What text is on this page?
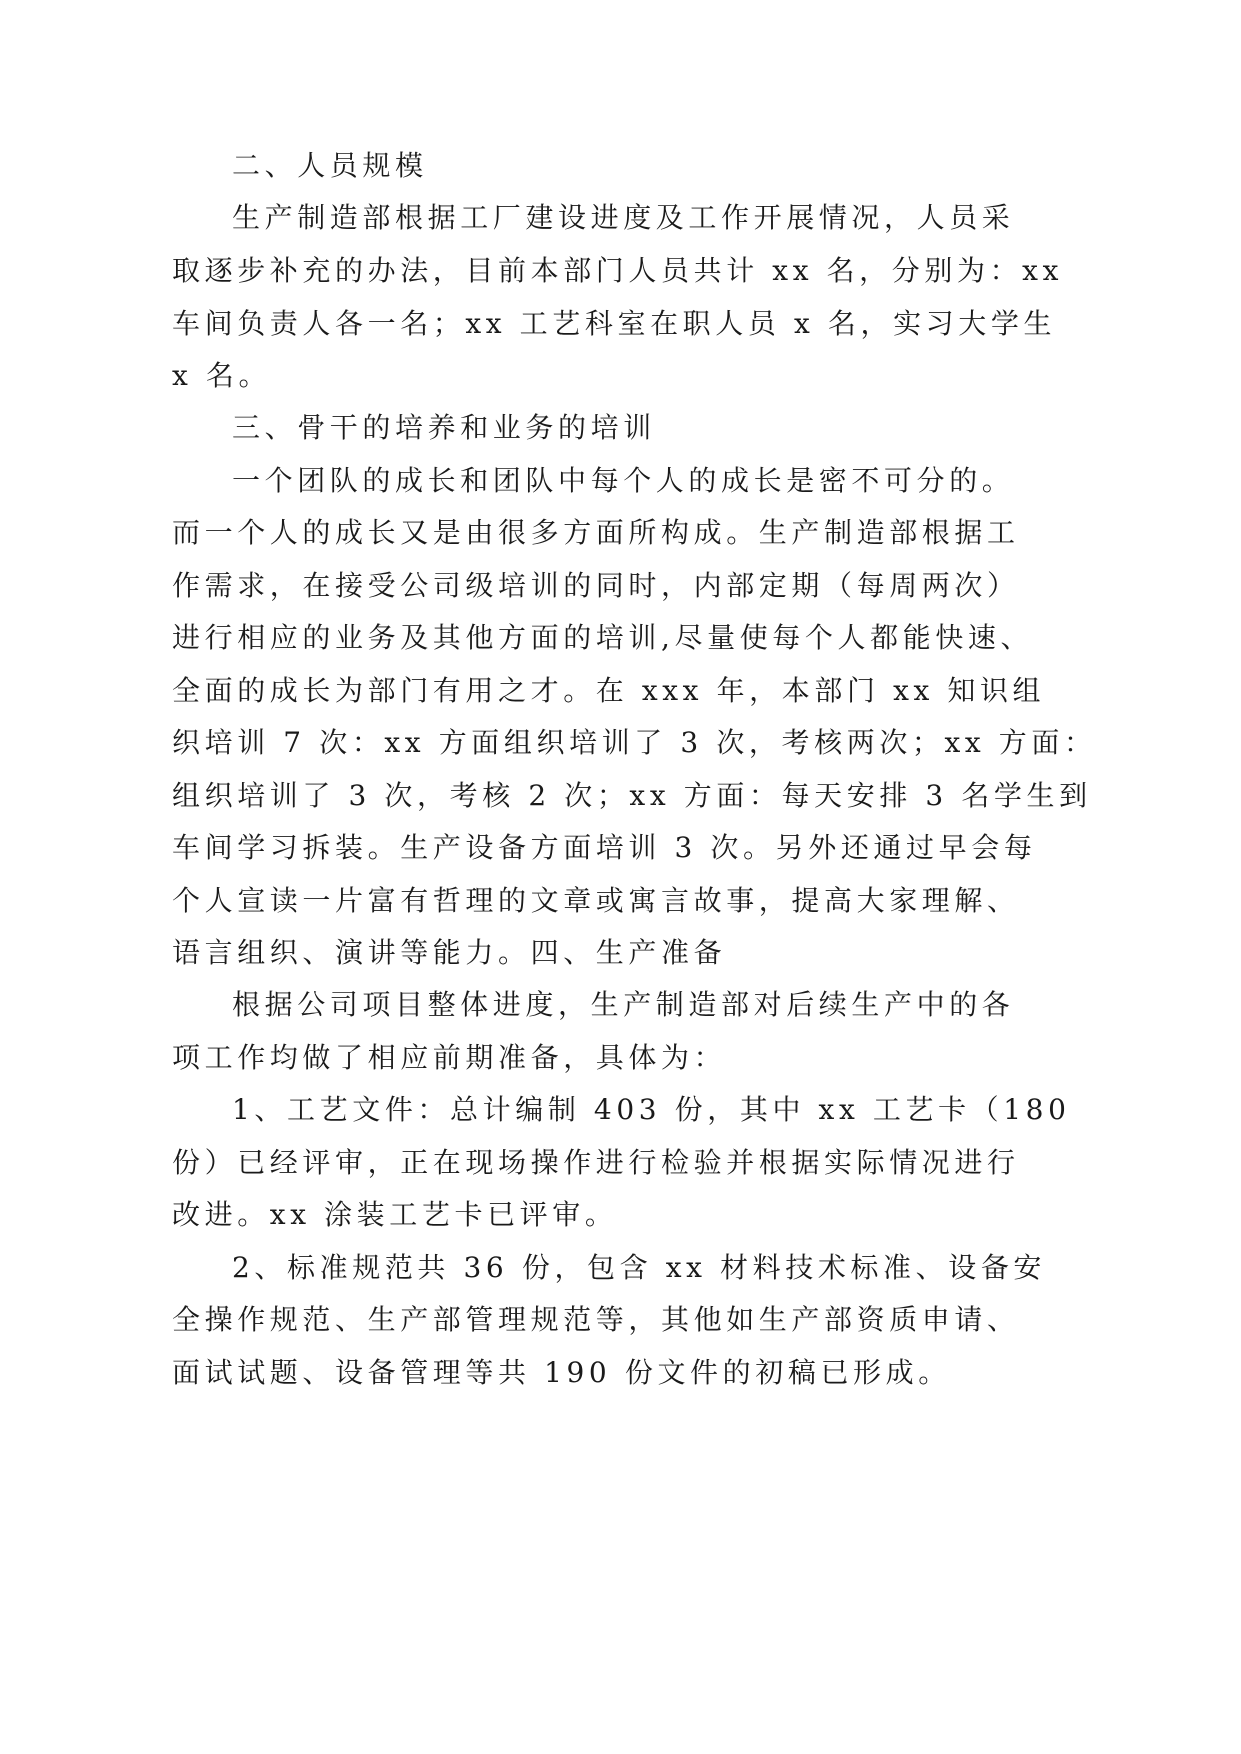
二、人员规模
生产制造部根据工厂建设进度及工作开展情况，人员采
取逐步补充的办法，目前本部门人员共计 xx 名，分别为：xx
车间负责人各一名；xx 工艺科室在职人员 x 名，实习大学生
x 名。
三、骨干的培养和业务的培训
一个团队的成长和团队中每个人的成长是密不可分的。
而一个人的成长又是由很多方面所构成。生产制造部根据工
作需求，在接受公司级培训的同时，内部定期（每周两次）
进行相应的业务及其他方面的培训,尽量使每个人都能快速、
全面的成长为部门有用之才。在 xxx 年，本部门 xx 知识组
织培训 7 次：xx 方面组织培训了 3 次，考核两次；xx 方面：
组织培训了 3 次，考核 2 次；xx 方面：每天安排 3 名学生到
车间学习拆装。生产设备方面培训 3 次。另外还通过早会每
个人宣读一片富有哲理的文章或寓言故事，提高大家理解、
语言组织、演讲等能力。四、生产准备
根据公司项目整体进度，生产制造部对后续生产中的各
项工作均做了相应前期准备，具体为：
1、工艺文件：总计编制 403 份，其中 xx 工艺卡（180
份）已经评审，正在现场操作进行检验并根据实际情况进行
改进。xx 涂装工艺卡已评审。
2、标准规范共 36 份，包含 xx 材料技术标准、设备安
全操作规范、生产部管理规范等，其他如生产部资质申请、
面试试题、设备管理等共 190 份文件的初稿已形成。
